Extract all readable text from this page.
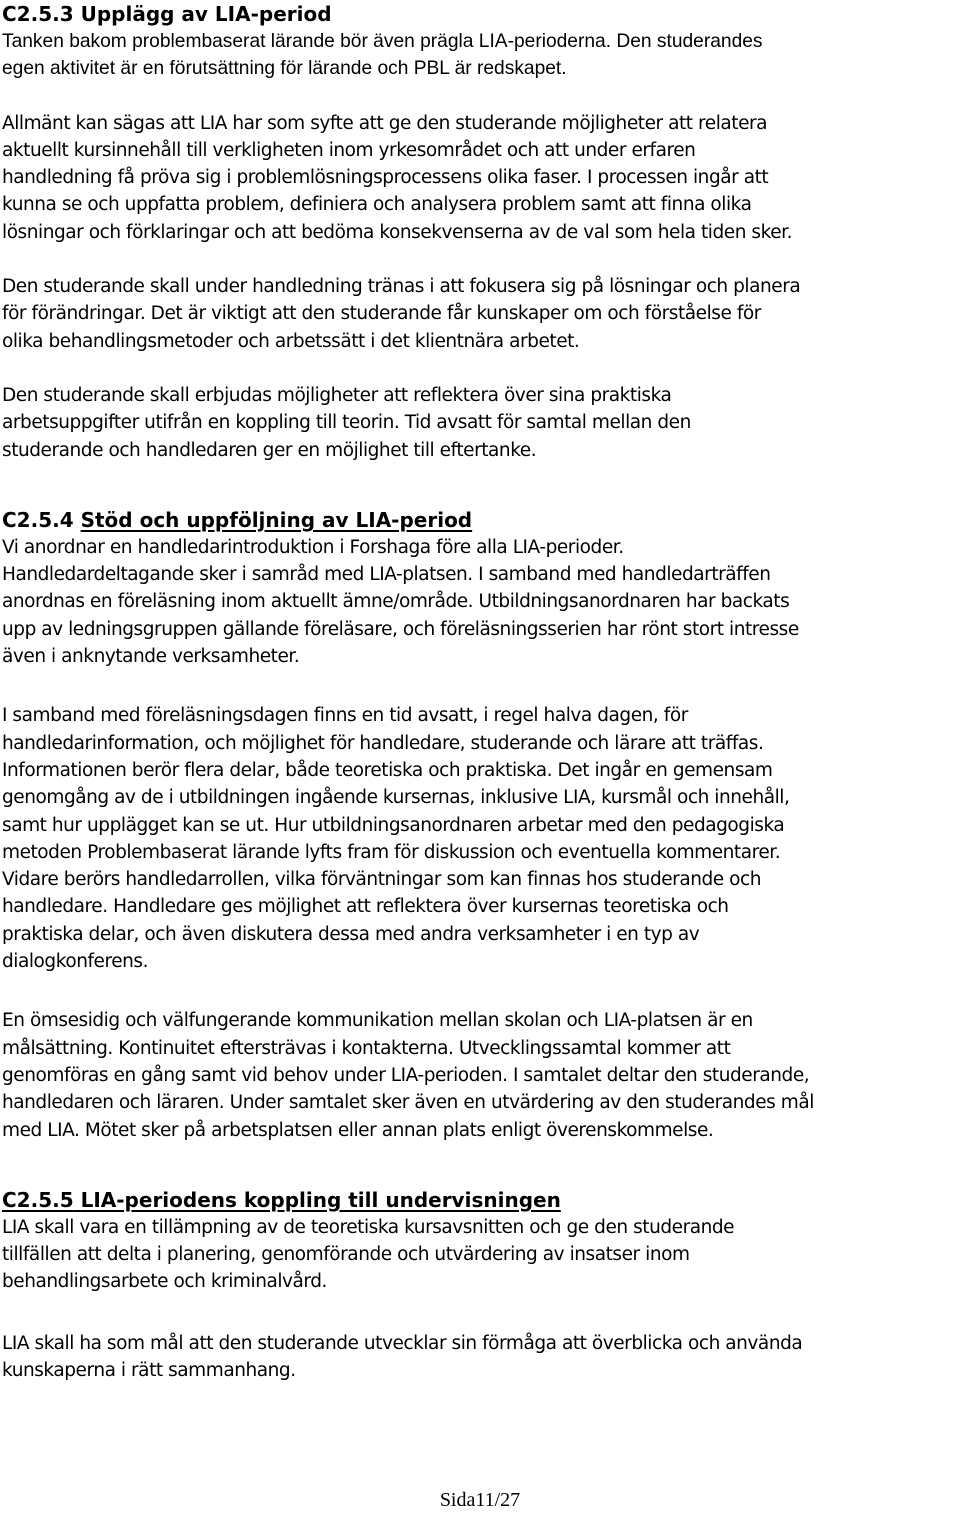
C2.5.3 Upplägg av LIA-period

Tanken bakom problembaserat lärande bör även prägla LIA-perioderna. Den studerandes
egen aktivitet är en förutsättning för lärande och PBL är redskapet.

Allmänt kan sägas att LIA har som syfte att ge den studerande möjligheter att relatera
aktuellt kursinnehåll till verkligheten inom yrkesområdet och att under erfaren
handledning få pröva sig i problemlösningsprocessens olika faser. I processen ingår att
kunna se och uppfatta problem, definiera och analysera problem samt att finna olika
lösningar och förklaringar och att bedöma konsekvenserna av de val som hela tiden sker.

Den studerande skall under handledning tränas i att fokusera sig på lösningar och planera
för förändringar. Det är viktigt att den studerande får kunskaper om och förståelse för
olika behandlingsmetoder och arbetssätt i det klientnära arbetet.

Den studerande skall erbjudas möjligheter att reflektera över sina praktiska
arbetsuppgifter utifrån en koppling till teorin. Tid avsatt för samtal mellan den
studerande och handledaren ger en möjlighet till eftertanke.

C2.5.4 Stöd och uppföljning av LIA-period

Vi anordnar en handledarintroduktion i Forshaga före alla LIA-perioder.
Handledardeltagande sker i samråd med LIA-platsen. I samband med handledarträffen
anordnas en föreläsning inom aktuellt ämne/område. Utbildningsanordnaren har backats
upp av ledningsgruppen gällande föreläsare, och föreläsningsserien har rönt stort intresse
även i anknytande verksamheter.

I samband med föreläsningsdagen finns en tid avsatt, i regel halva dagen, för
handledarinformation, och möjlighet för handledare, studerande och lärare att träffas.
Informationen berör flera delar, både teoretiska och praktiska. Det ingår en gemensam
genomgång av de i utbildningen ingående kursernas, inklusive LIA, kursmål och innehåll,
samt hur upplägget kan se ut. Hur utbildningsanordnaren arbetar med den pedagogiska
metoden Problembaserat lärande lyfts fram för diskussion och eventuella kommentarer.
Vidare berörs handledarrollen, vilka förväntningar som kan finnas hos studerande och
handledare. Handledare ges möjlighet att reflektera över kursernas teoretiska och
praktiska delar, och även diskutera dessa med andra verksamheter i en typ av
dialogkonferens.

En ömsesidig och välfungerande kommunikation mellan skolan och LIA-platsen är en
målsättning. Kontinuitet eftersträvas i kontakterna. Utvecklingssamtal kommer att
genomföras en gång samt vid behov under LIA-perioden. I samtalet deltar den studerande,
handledaren och läraren. Under samtalet sker även en utvärdering av den studerandes mål
med LIA. Mötet sker på arbetsplatsen eller annan plats enligt överenskommelse.

C2.5.5 LIA-periodens koppling till undervisningen

LIA skall vara en tillämpning av de teoretiska kursavsnitten och ge den studerande
tillfällen att delta i planering, genomförande och utvärdering av insatser inom
behandlingsarbete och kriminalvård.

LIA skall ha som mål att den studerande utvecklar sin förmåga att överblicka och använda
kunskaperna i rätt sammanhang.

Sida11/27
